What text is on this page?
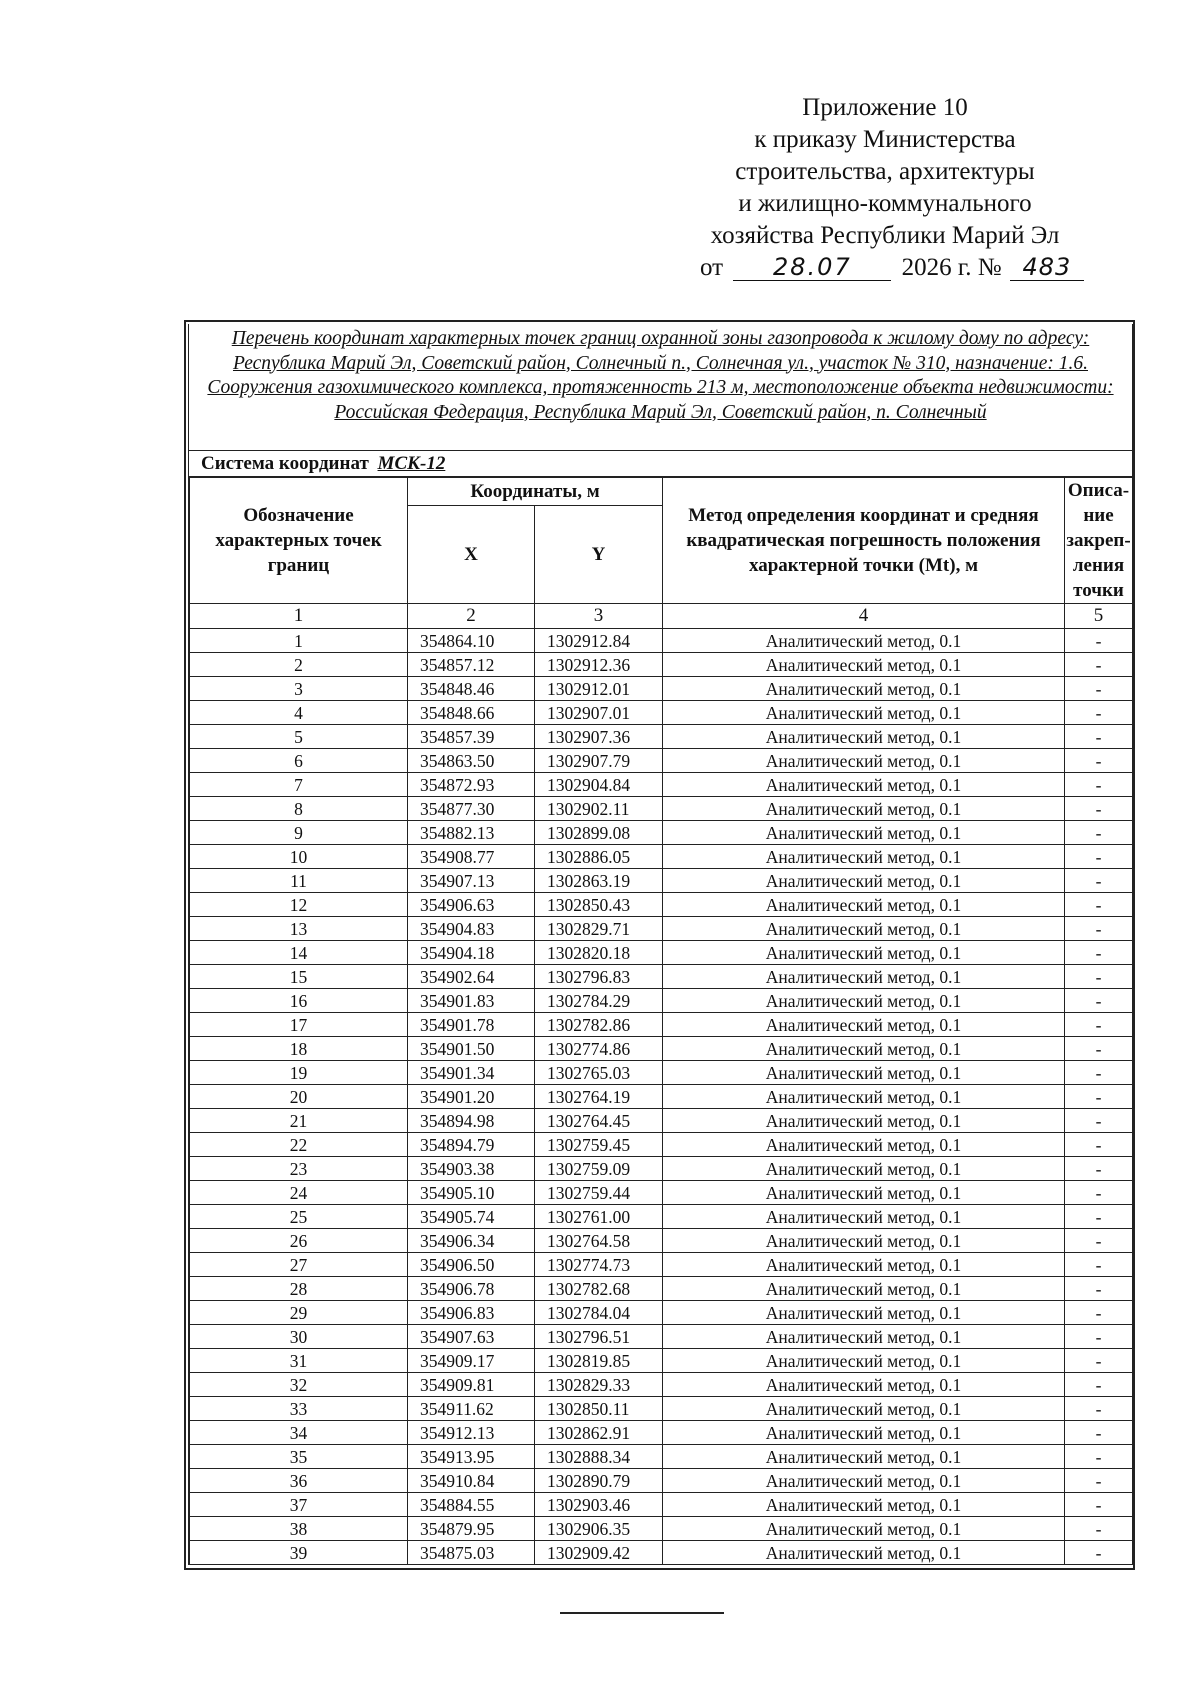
Приложение 10
к приказу Министерства
строительства, архитектуры
и жилищно-коммунального
хозяйства Республики Марий Эл
от 28.07 2026 г. № 483
Перечень координат характерных точек границ охранной зоны газопровода к жилому дому по адресу: Республика Марий Эл, Советский район, Солнечный п., Солнечная ул., участок № 310, назначение: 1.6. Сооружения газохимического комплекса, протяженность 213 м, местоположение объекта недвижимости: Российская Федерация, Республика Марий Эл, Советский район, п. Солнечный
Система координат МСК-12
Обозначение характерных точек границ	Координаты, м		Метод определения координат и средняя квадратическая погрешность положения характерной точки (Mt), м	Описа-ние закреп-ления точки
	X	Y		
1	2	3	4	5
1	354864.10	1302912.84	Аналитический метод, 0.1	-
2	354857.12	1302912.36	Аналитический метод, 0.1	-
3	354848.46	1302912.01	Аналитический метод, 0.1	-
4	354848.66	1302907.01	Аналитический метод, 0.1	-
5	354857.39	1302907.36	Аналитический метод, 0.1	-
6	354863.50	1302907.79	Аналитический метод, 0.1	-
7	354872.93	1302904.84	Аналитический метод, 0.1	-
8	354877.30	1302902.11	Аналитический метод, 0.1	-
9	354882.13	1302899.08	Аналитический метод, 0.1	-
10	354908.77	1302886.05	Аналитический метод, 0.1	-
11	354907.13	1302863.19	Аналитический метод, 0.1	-
12	354906.63	1302850.43	Аналитический метод, 0.1	-
13	354904.83	1302829.71	Аналитический метод, 0.1	-
14	354904.18	1302820.18	Аналитический метод, 0.1	-
15	354902.64	1302796.83	Аналитический метод, 0.1	-
16	354901.83	1302784.29	Аналитический метод, 0.1	-
17	354901.78	1302782.86	Аналитический метод, 0.1	-
18	354901.50	1302774.86	Аналитический метод, 0.1	-
19	354901.34	1302765.03	Аналитический метод, 0.1	-
20	354901.20	1302764.19	Аналитический метод, 0.1	-
21	354894.98	1302764.45	Аналитический метод, 0.1	-
22	354894.79	1302759.45	Аналитический метод, 0.1	-
23	354903.38	1302759.09	Аналитический метод, 0.1	-
24	354905.10	1302759.44	Аналитический метод, 0.1	-
25	354905.74	1302761.00	Аналитический метод, 0.1	-
26	354906.34	1302764.58	Аналитический метод, 0.1	-
27	354906.50	1302774.73	Аналитический метод, 0.1	-
28	354906.78	1302782.68	Аналитический метод, 0.1	-
29	354906.83	1302784.04	Аналитический метод, 0.1	-
30	354907.63	1302796.51	Аналитический метод, 0.1	-
31	354909.17	1302819.85	Аналитический метод, 0.1	-
32	354909.81	1302829.33	Аналитический метод, 0.1	-
33	354911.62	1302850.11	Аналитический метод, 0.1	-
34	354912.13	1302862.91	Аналитический метод, 0.1	-
35	354913.95	1302888.34	Аналитический метод, 0.1	-
36	354910.84	1302890.79	Аналитический метод, 0.1	-
37	354884.55	1302903.46	Аналитический метод, 0.1	-
38	354879.95	1302906.35	Аналитический метод, 0.1	-
39	354875.03	1302909.42	Аналитический метод, 0.1	-
